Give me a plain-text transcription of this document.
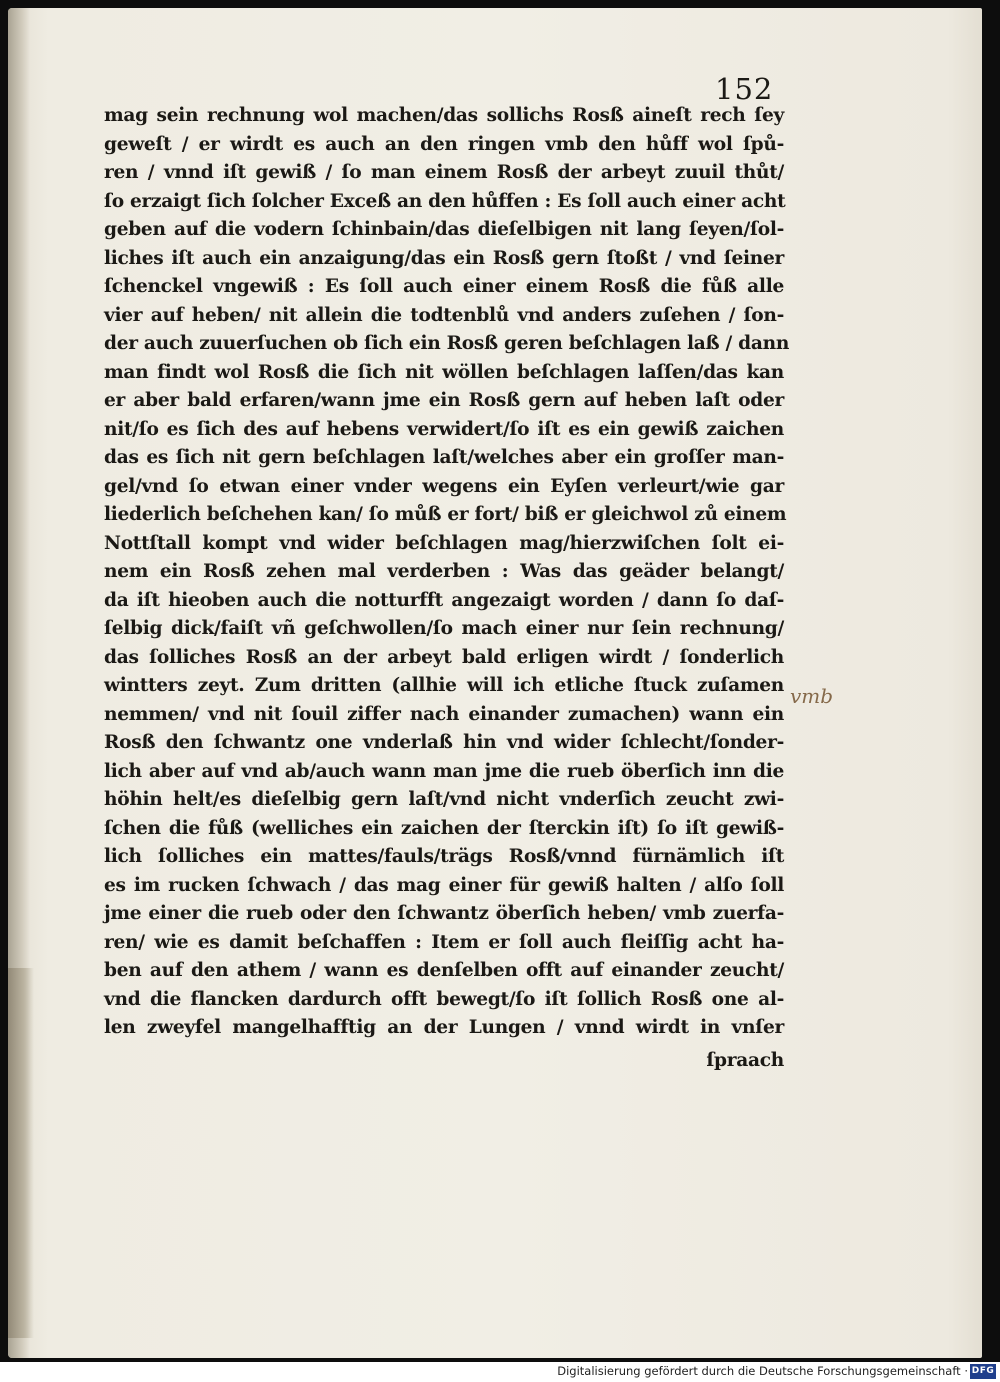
152
mag sein rechnung wol machen/das sollichs Rosß aineſt rech ſey
geweſt / er wirdt es auch an den ringen vmb den hůff wol ſpů-
ren / vnnd iſt gewiß / ſo man einem Rosß der arbeyt zuuil thůt/
ſo erzaigt ſich ſolcher Exceß an den hůffen : Es ſoll auch einer acht
geben auf die vodern ſchinbain/das dieſelbigen nit lang ſeyen/ſol-
liches iſt auch ein anzaigung/das ein Rosß gern ſtoßt / vnd ſeiner
ſchenckel vngewiß : Es ſoll auch einer einem Rosß die fůß alle
vier auf heben/ nit allein die todtenblů vnd anders zuſehen / ſon-
der auch zuuerſuchen ob ſich ein Rosß geren beſchlagen laß / dann
man findt wol Rosß die ſich nit wöllen beſchlagen laſſen/das kan
er aber bald erfaren/wann jme ein Rosß gern auf heben laſt oder
nit/ſo es ſich des auf hebens verwidert/ſo iſt es ein gewiß zaichen
das es ſich nit gern beſchlagen laſt/welches aber ein groſſer man-
gel/vnd ſo etwan einer vnder wegens ein Eyſen verleurt/wie gar
liederlich beſchehen kan/ ſo můß er fort/ biß er gleichwol zů einem
Nottſtall kompt vnd wider beſchlagen mag/hierzwiſchen ſolt ei-
nem ein Rosß zehen mal verderben : Was das geäder belangt/
da iſt hieoben auch die notturfft angezaigt worden / dann ſo daſ-
ſelbig dick/faiſt vñ geſchwollen/ſo mach einer nur ſein rechnung/
das ſolliches Rosß an der arbeyt bald erligen wirdt / ſonderlich
wintters zeyt. Zum dritten (allhie will ich etliche ſtuck zuſamen
nemmen/ vnd nit ſouil ziffer nach einander zumachen) wann ein
Rosß den ſchwantz one vnderlaß hin vnd wider ſchlecht/ſonder-
lich aber auf vnd ab/auch wann man jme die rueb öberſich inn die
höhin helt/es dieſelbig gern laſt/vnd nicht vnderſich zeucht zwi-
ſchen die fůß (welliches ein zaichen der ſterckin iſt) ſo iſt gewiß-
lich ſolliches ein mattes/fauls/trägs Rosß/vnnd fürnämlich iſt
es im rucken ſchwach / das mag einer für gewiß halten / alſo ſoll
jme einer die rueb oder den ſchwantz öberſich heben/ vmb zuerfa-
ren/ wie es damit beſchaffen : Item er ſoll auch fleiſſig acht ha-
ben auf den athem / wann es denſelben offt auf einander zeucht/
vnd die flancken dardurch offt bewegt/ſo iſt ſollich Rosß one al-
len zweyfel mangelhafftig an der Lungen / vnnd wirdt in vnſer
ſpraach
vmb
Digitalisierung gefördert durch die Deutsche Forschungsgemeinschaft · DFG
